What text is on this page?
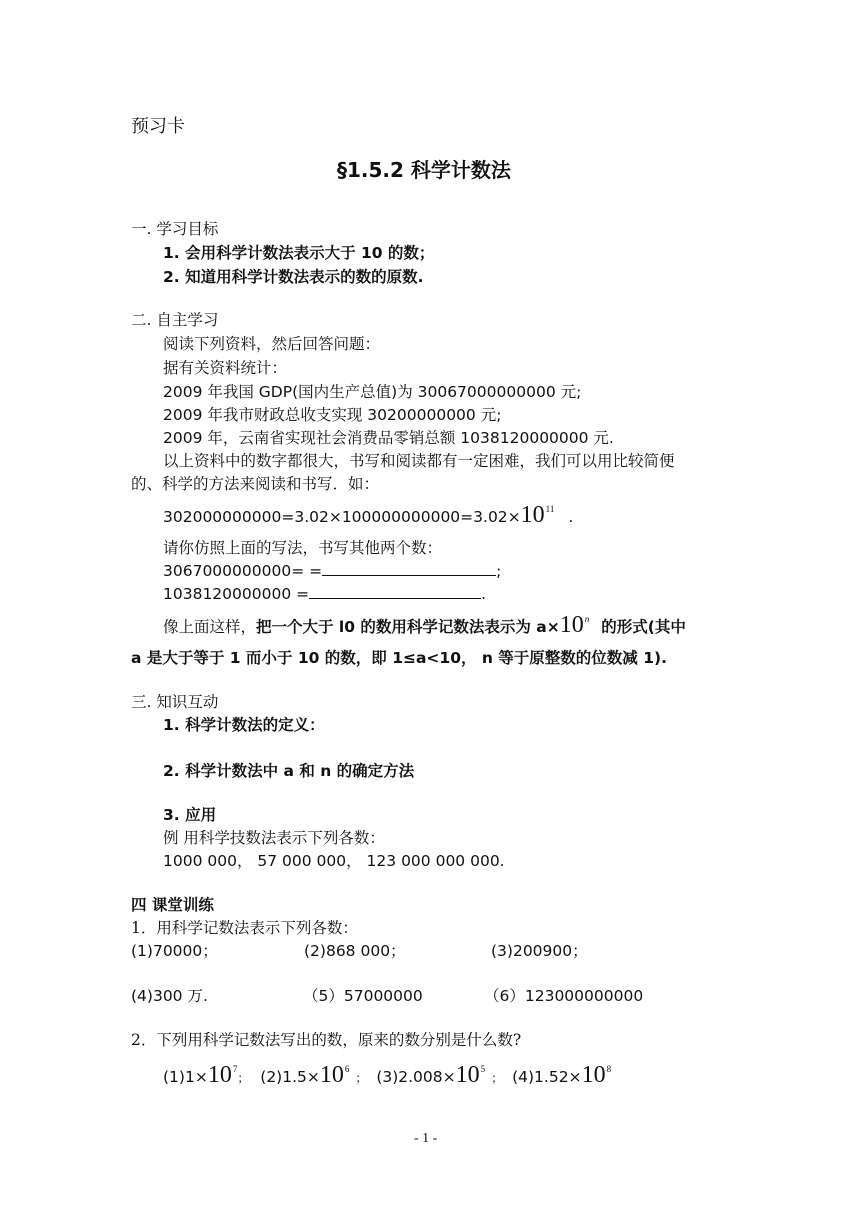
预习卡
§1.5.2 科学计数法
一. 学习目标
1. 会用科学计数法表示大于 10 的数；
2. 知道用科学计数法表示的数的原数.
二. 自主学习
阅读下列资料，然后回答问题：
据有关资料统计：
2009 年我国 GDP(国内生产总值)为 30067000000000 元;
2009 年我市财政总收支实现 30200000000 元;
2009 年，云南省实现社会消费品零销总额 1038120000000 元.
以上资料中的数字都很大，书写和阅读都有一定困难，我们可以用比较简便
的、科学的方法来阅读和书写．如：
$302000000000=3.02\times 100000000000=3.02\times 10^{11}$ .
请你仿照上面的写法，书写其他两个数：
3067000000000= =	;
1038120000000 =	.
像上面这样，把一个大于 l0 的数用科学记数法表示为 $a\times 10^n$ 的形式(其中
a 是大于等于 1 而小于 10 的数，即 1≤a<10， n 等于原整数的位数减 1).
三. 知识互动
1. 科学计数法的定义：
2. 科学计数法中 a 和 n 的确定方法
3. 应用
例 用科学技数法表示下列各数：
1000 000， 57 000 000， 123 000 000 000.
四 课堂训练
1．用科学记数法表示下列各数：
(1)70000；	(2)868 000；	(3)200900；
(4)300 万.	（5）57000000	（6）123000000000
2．下列用科学记数法写出的数，原来的数分别是什么数?
$(1)1\times 10^7$； $(2)1.5\times 10^6$； $(3)2.008\times 10^5$； $(4)1.52\times 10^8$
- 1 -
